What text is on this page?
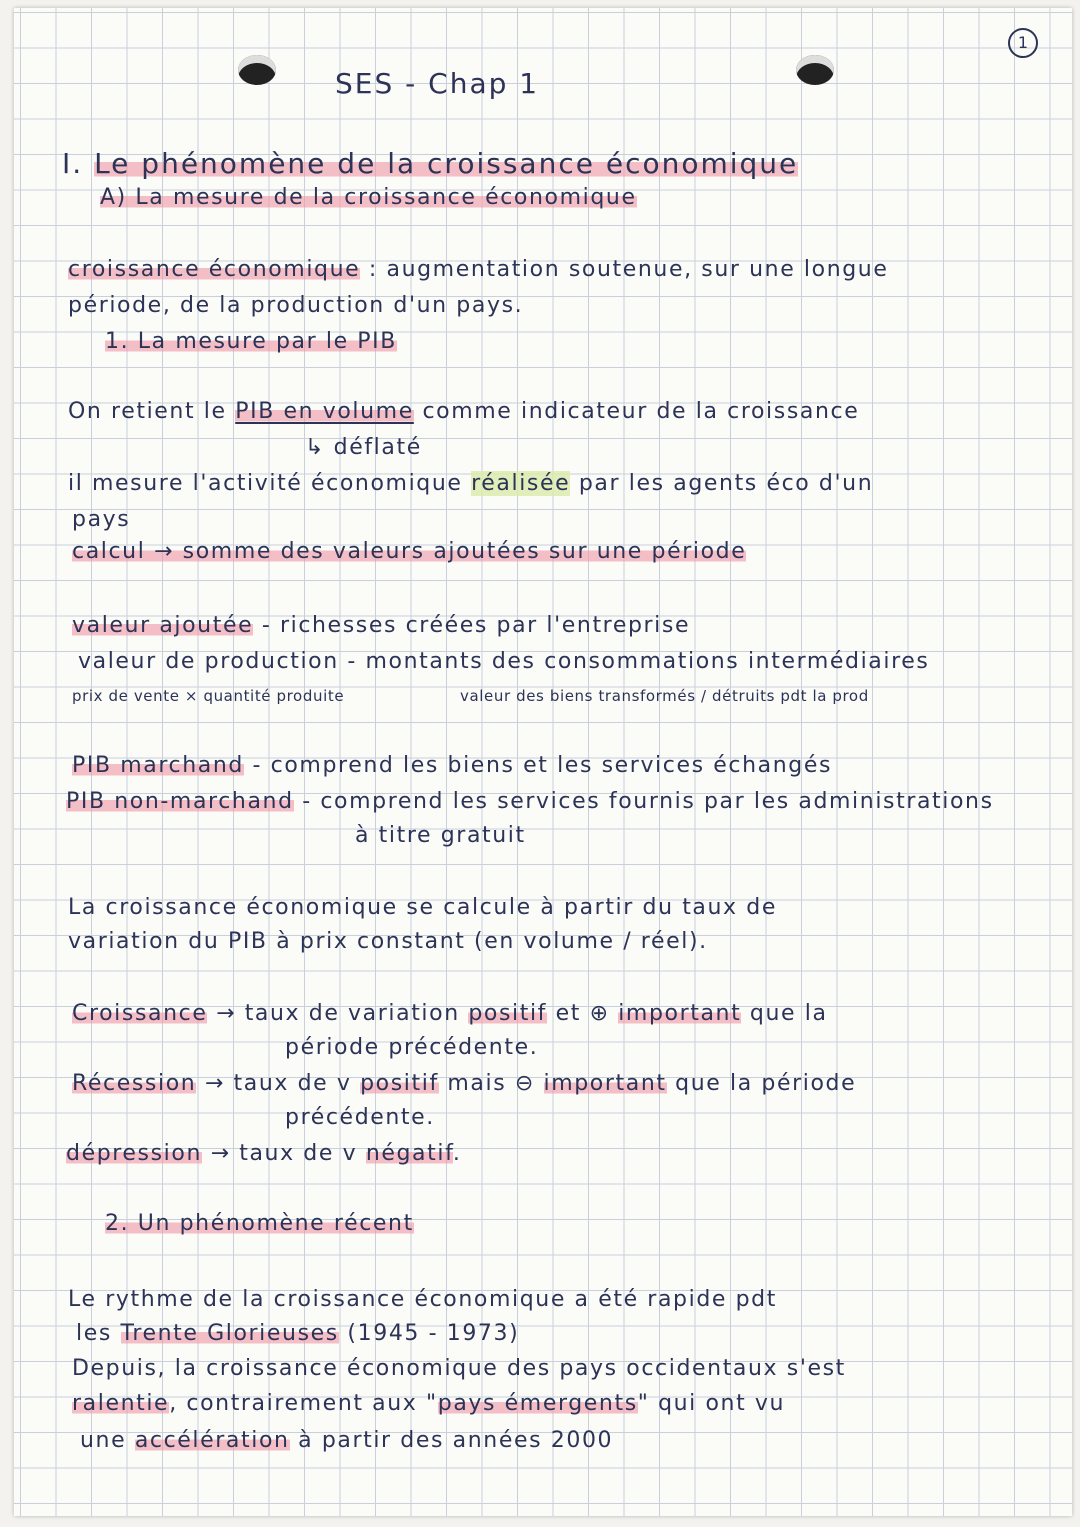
1
SES - Chap 1
I. Le phénomène de la croissance économique
A) La mesure de la croissance économique
croissance économique : augmentation soutenue, sur une longue
période, de la production d'un pays.
1. La mesure par le PIB
On retient le PIB en volume comme indicateur de la croissance
↳ déflaté
il mesure l'activité économique réalisée par les agents éco d'un
pays
calcul → somme des valeurs ajoutées sur une période
valeur ajoutée - richesses créées par l'entreprise
valeur de production - montants des consommations intermédiaires
prix de vente × quantité produite	valeur des biens transformés / détruits pdt la prod
PIB marchand - comprend les biens et les services échangés
PIB non-marchand - comprend les services fournis par les administrations
à titre gratuit
La croissance économique se calcule à partir du taux de
variation du PIB à prix constant (en volume / réel).
Croissance → taux de variation positif et ⊕ important que la
période précédente.
Récession → taux de v positif mais ⊖ important que la période
précédente.
dépression → taux de v négatif.
2. Un phénomène récent
Le rythme de la croissance économique a été rapide pdt
les Trente Glorieuses (1945 - 1973)
Depuis, la croissance économique des pays occidentaux s'est
ralentie, contrairement aux "pays émergents" qui ont vu
une accélération à partir des années 2000
